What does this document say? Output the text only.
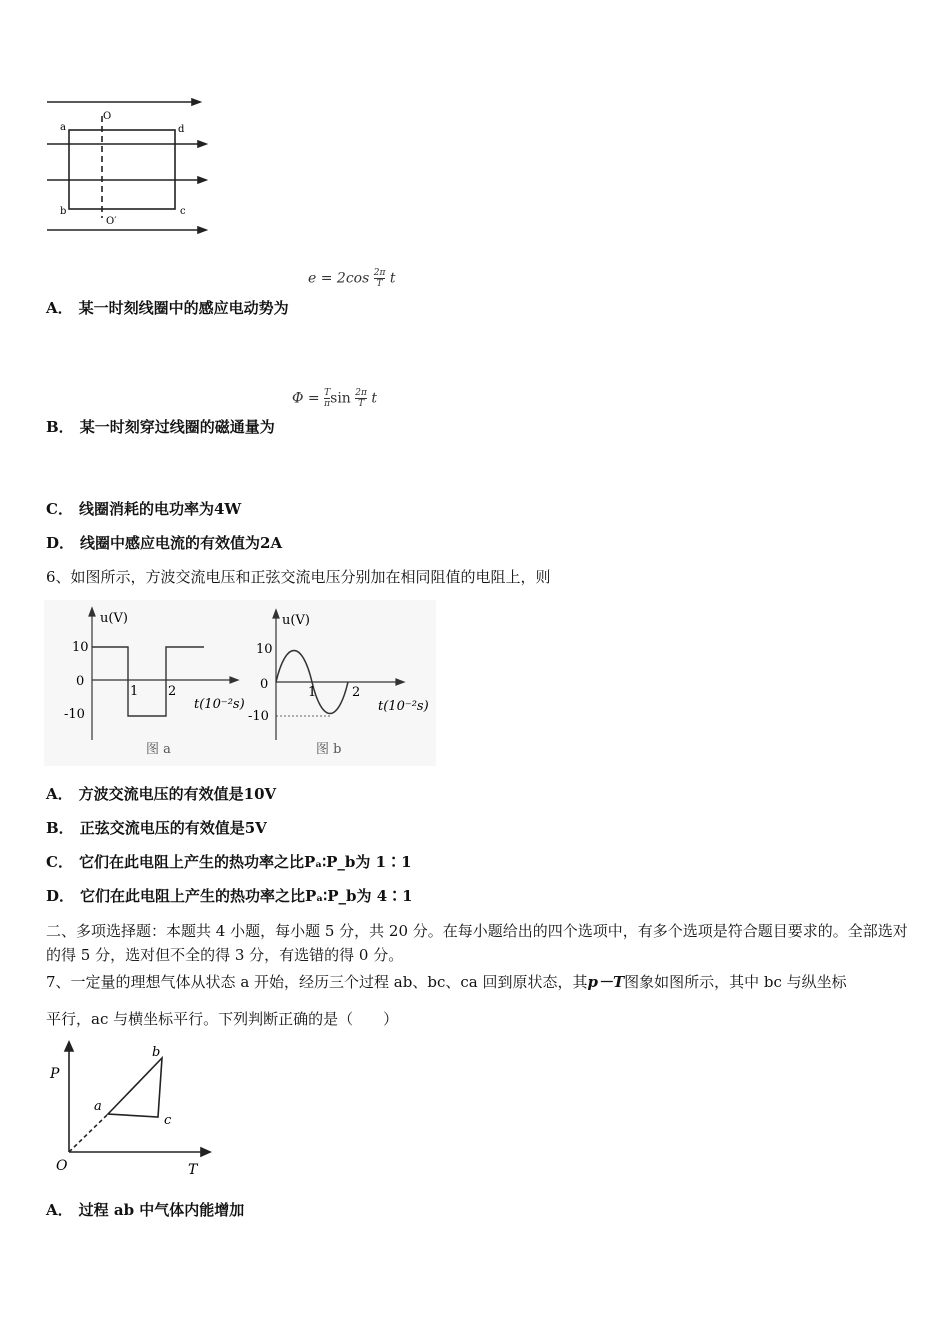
a	d
b	c
O
O′
$e = 2\cos \frac{2\pi}{T}$ t
A． 某一时刻线圈中的感应电动势为
$\Phi = \frac{T}{\pi}$ $\sin \frac{2\pi}{T}$ t
B． 某一时刻穿过线圈的磁通量为
C． 线圈消耗的电功率为4W
D． 线圈中感应电流的有效值为2A
6、如图所示，方波交流电压和正弦交流电压分别加在相同阻值的电阻上，则
u(V)
10
0
-10
1 2
t(10⁻²s)
图 a
u(V)
10
0
-10
1	2
t(10⁻²s)
图 b
A． 方波交流电压的有效值是10V
B． 正弦交流电压的有效值是5V
C． 它们在此电阻上产生的热功率之比Pₐ∶P_b为 1∶1
D． 它们在此电阻上产生的热功率之比Pₐ∶P_b为 4∶1
二、多项选择题：本题共 4 小题，每小题 5 分，共 20 分。在每小题给出的四个选项中，有多个选项是符合题目要求的。全部选对的得 5 分，选对但不全的得 3 分，有选错的得 0 分。
7、一定量的理想气体从状态 a 开始，经历三个过程 ab、bc、ca 回到原状态，其p－T图象如图所示，其中 bc 与纵坐标
平行，ac 与横坐标平行。下列判断正确的是（　　）
P
T
O
a
b
c
A． 过程 ab 中气体内能增加
